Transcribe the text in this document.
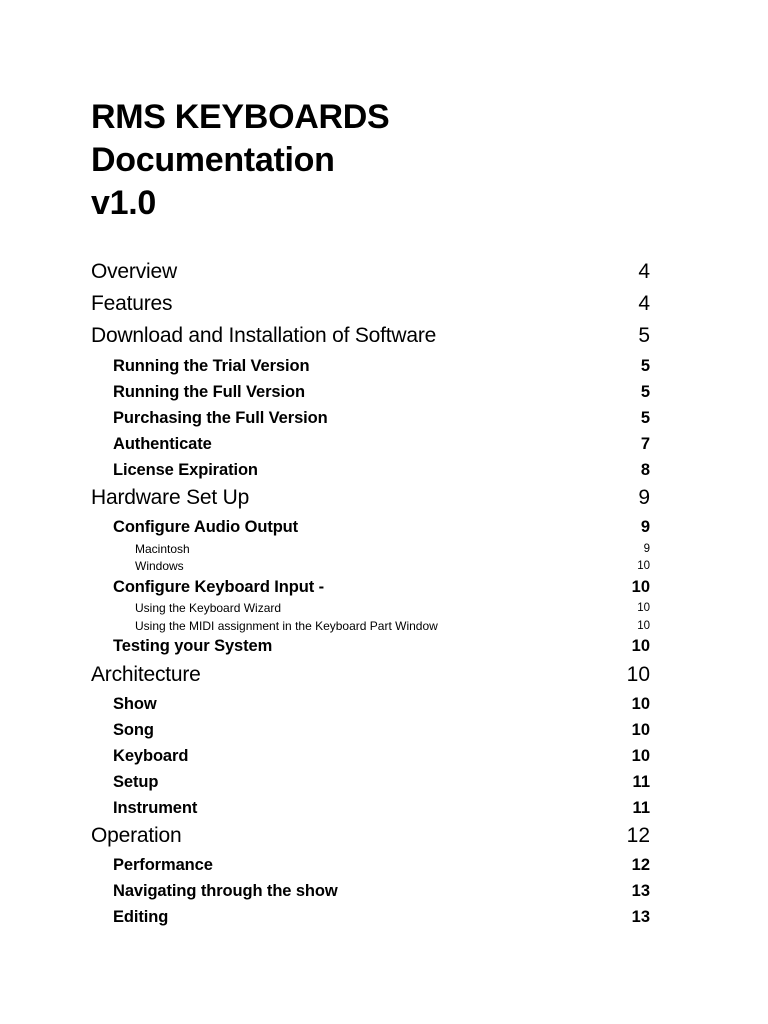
RMS KEYBOARDS
Documentation
v1.0
Overview	4
Features	4
Download and Installation of Software	5
Running the Trial Version	5
Running the Full Version	5
Purchasing the Full Version	5
Authenticate	7
License Expiration	8
Hardware Set Up	9
Configure Audio Output	9
Macintosh	9
Windows	10
Configure Keyboard Input -	10
Using the Keyboard Wizard	10
Using the MIDI assignment in the Keyboard Part Window	10
Testing your System	10
Architecture	10
Show	10
Song	10
Keyboard	10
Setup	11
Instrument	11
Operation	12
Performance	12
Navigating through the show	13
Editing	13
